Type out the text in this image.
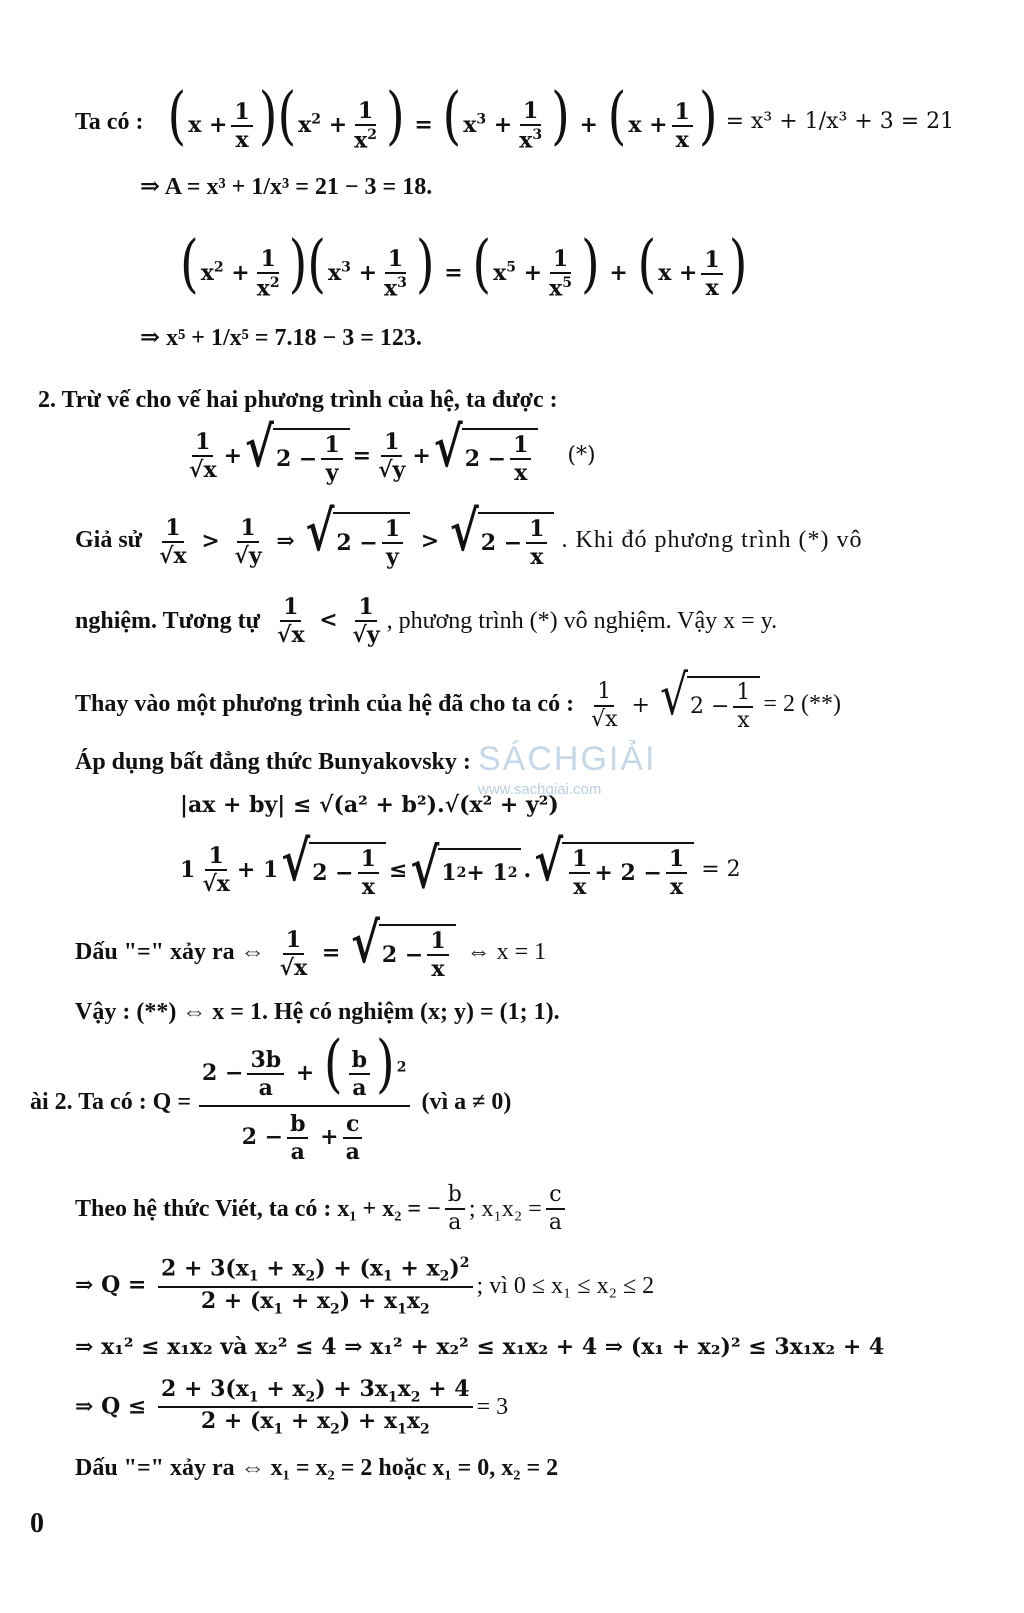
SÁCHGIẢI
www.sachgiai.com
Ta có : $(x + \frac{1}{x} )(x^2 + \frac{1}{x^2}$ ) = ($x^3 + \frac{1}{x^3}$ ) + ($x + \frac{1}{x}$ ) = x³ + 1/x³ + 3 = 21
⇒ A = x³ + 1/x³ = 21 − 3 = 18.
$(x^2 + \frac{1}{x^2} )(x^3 + \frac{1}{x^3}$ ) = ($x^5 + \frac{1}{x^5}$ ) + ($x + \frac{1}{x}$ )
⇒ x⁵ + 1/x⁵ = 7.18 − 3 = 123.
2. Trừ vế cho vế hai phương trình của hệ, ta được :
$\frac{1}{√x}$ + √ $2 - \frac{1}{y} = \frac{1}{√y}$ + √ $2 - \frac{1}{x}$ (*)
Giả sử $\frac{1}{√x} > \frac{1}{√y}$ ⇒ √ $2 - \frac{1}{y}$ > √ $2 - \frac{1}{x}$ . Khi đó phương trình (*) vô
nghiệm. Tương tự $\frac{1}{√x} < \frac{1}{√y}$ , phương trình (*) vô nghiệm. Vậy x = y.
Thay vào một phương trình của hệ đã cho ta có : $\frac{1}{√x}$ + √ $2 - \frac{1}{x} = 2$ (**)
Áp dụng bất đẳng thức Bunyakovsky :
|ax + by| ≤ √(a² + b²).√(x² + y²)
$1 \frac{1}{√x} + 1$ √ $2 - \frac{1}{x}$ ≤ √ 1 2 + 1 2 . √ $\frac{1}{x} + 2 - \frac{1}{x} = 2$
Dấu "=" xảy ra ⇔ $\frac{1}{√x}$ = √ $2 - \frac{1}{x}$ ⇔ x = 1
Vậy : (**) ⇔ x = 1. Hệ có nghiệm (x; y) = (1; 1).
ài 2. Ta có : $Q = \frac{2 - \frac{3b}{a} + ( \frac{b}{a} ) ^2}{2 - \frac{b}{a} + \frac{c}{a}}$ (vì a ≠ 0)
Theo hệ thức Viét, ta có : x₁ + x₂ = − $\frac{b}{a}$ ; $x_1x_2 = \frac{c}{a}$
⇒ $Q = \frac{2 + 3(x_1 + x_2) + (x_1 + x_2)^2}{2 + (x_1 + x_2) + x_1x_2}$ ; vì 0 ≤ x₁ ≤ x₂ ≤ 2
⇒ x₁² ≤ x₁x₂ và x₂² ≤ 4 ⇒ x₁² + x₂² ≤ x₁x₂ + 4 ⇒ (x₁ + x₂)² ≤ 3x₁x₂ + 4
⇒ $Q \le \frac{2 + 3(x_1 + x_2) + 3x_1x_2 + 4}{2 + (x_1 + x_2) + x_1x_2} = 3$
Dấu "=" xảy ra ⇔ x₁ = x₂ = 2 hoặc x₁ = 0, x₂ = 2
0
